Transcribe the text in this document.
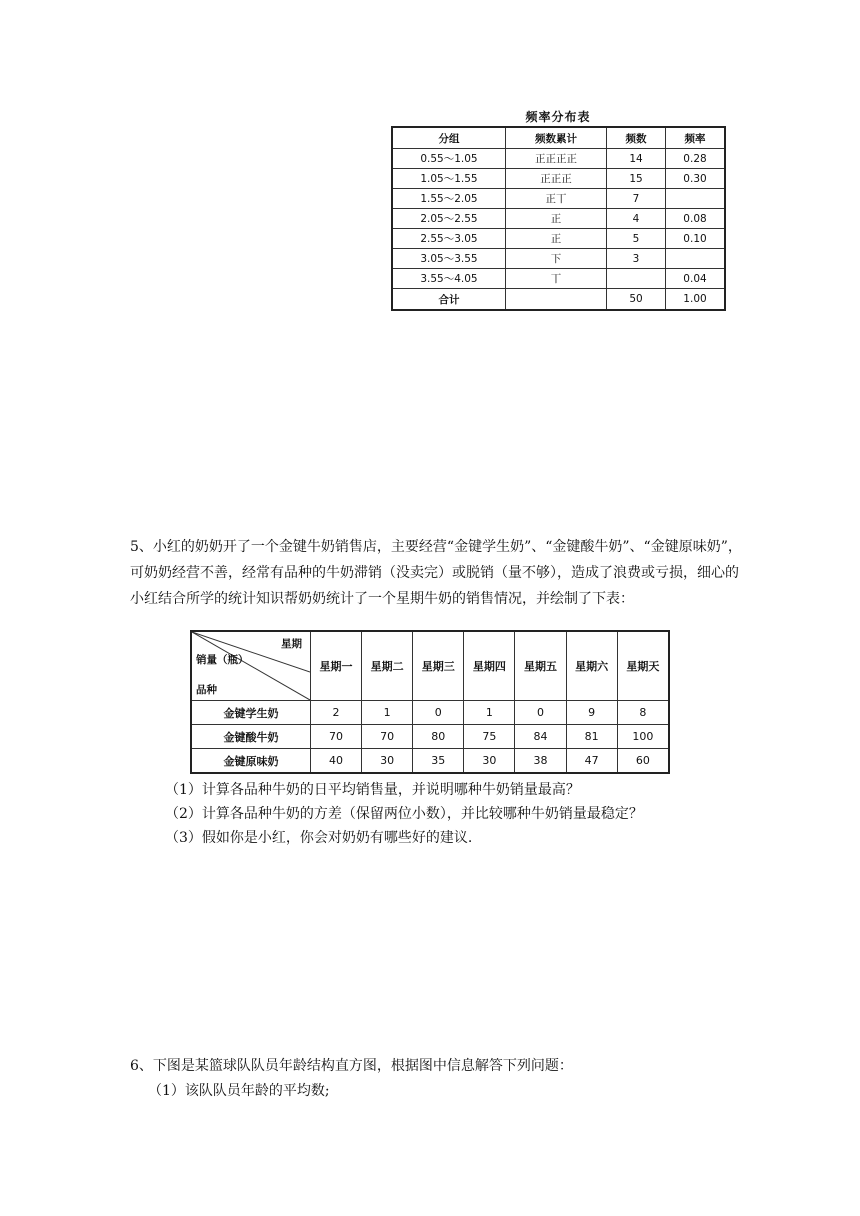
频率分布表
分组	频数累计	频数	频率
0.55～1.05	正正正正	14	0.28
1.05～1.55	正正正	15	0.30
1.55～2.05	正丅	7	
2.05～2.55	正	4	0.08
2.55～3.05	正	5	0.10
3.05～3.55	下	3	
3.55～4.05	丅		0.04
合计		50	1.00
5、小红的奶奶开了一个金键牛奶销售店，主要经营“金键学生奶”、“金键酸牛奶”、“金键原味奶”，可奶奶经营不善，经常有品种的牛奶滞销（没卖完）或脱销（量不够），造成了浪费或亏损，细心的小红结合所学的统计知识帮奶奶统计了一个星期牛奶的销售情况，并绘制了下表：
星期
销量（瓶）
品种	星期一	星期二	星期三	星期四	星期五	星期六	星期天
金键学生奶	2	1	0	1	0	9	8
金键酸牛奶	70	70	80	75	84	81	100
金键原味奶	40	30	35	30	38	47	60
（1）计算各品种牛奶的日平均销售量，并说明哪种牛奶销量最高？
（2）计算各品种牛奶的方差（保留两位小数），并比较哪种牛奶销量最稳定？
（3）假如你是小红，你会对奶奶有哪些好的建议.
6、下图是某篮球队队员年龄结构直方图，根据图中信息解答下列问题：
（1）该队队员年龄的平均数;
